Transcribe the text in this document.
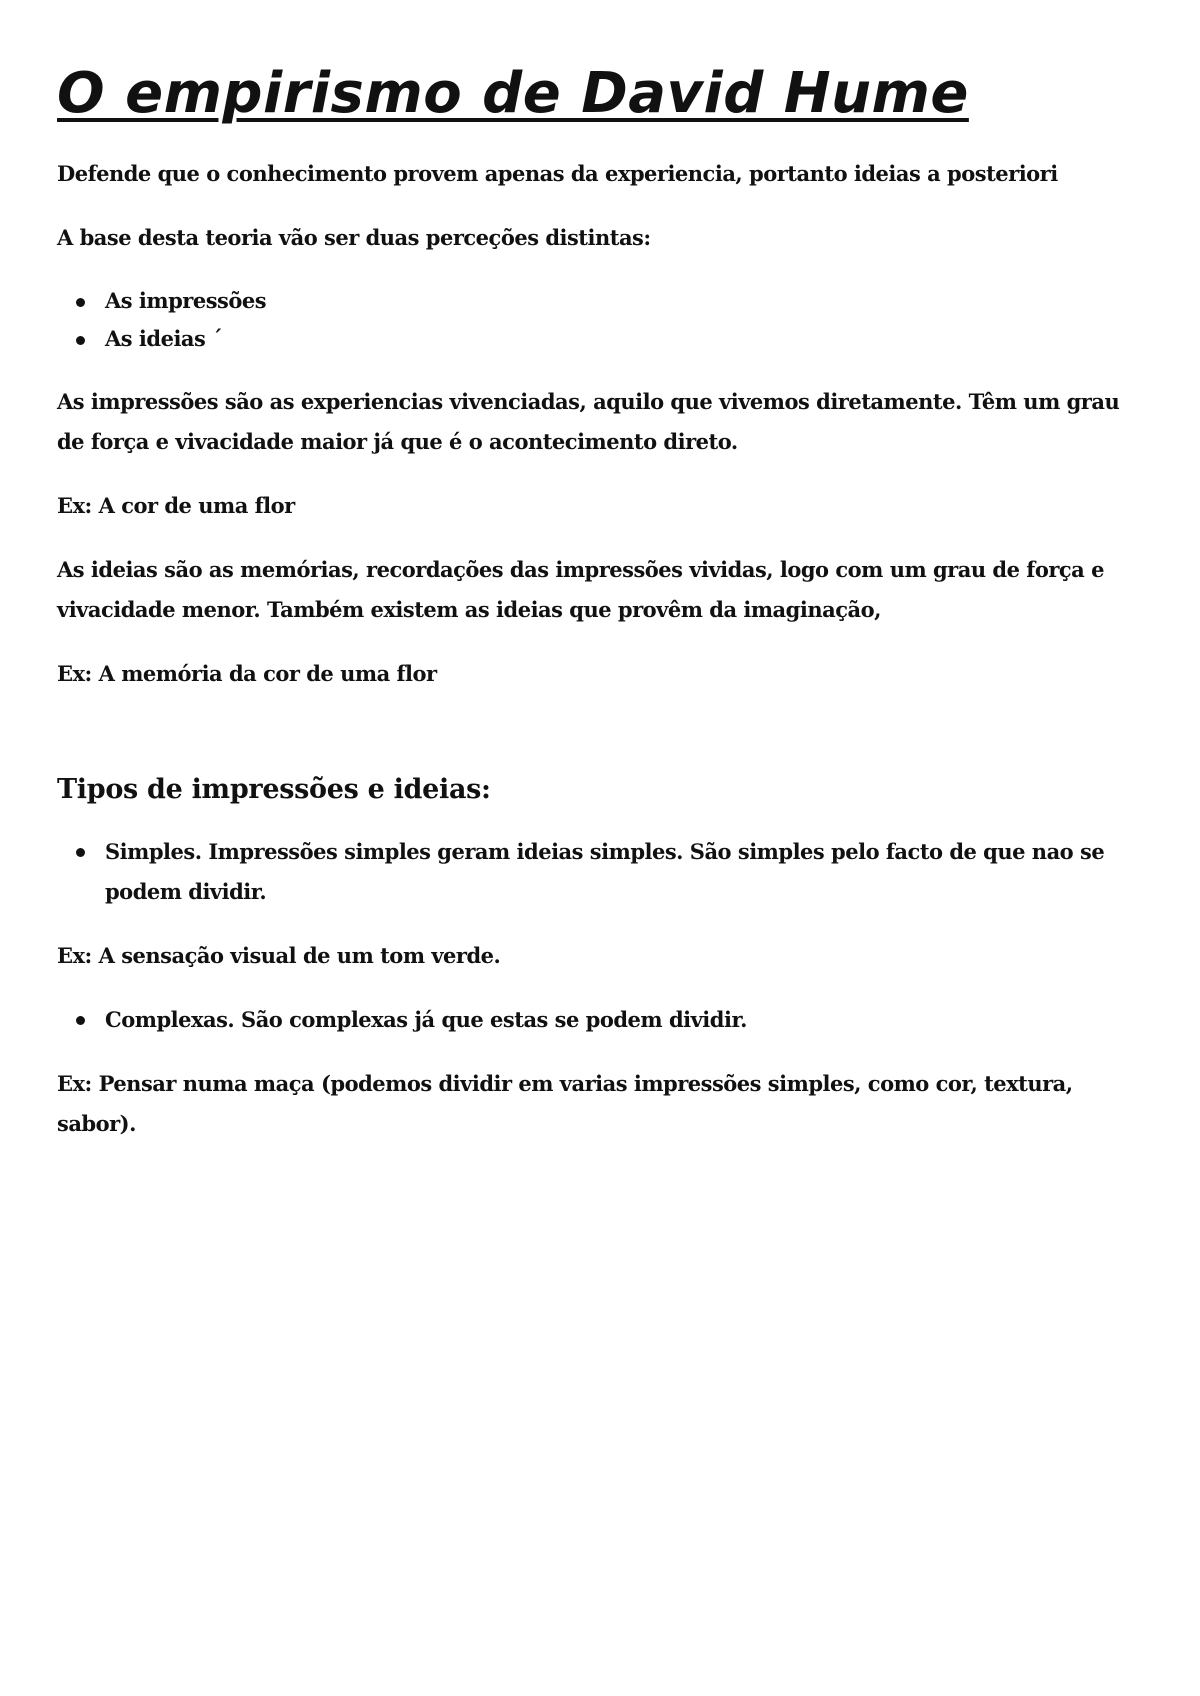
O empirismo de David Hume

Defende que o conhecimento provem apenas da experiencia, portanto ideias a posteriori

A base desta teoria vão ser duas perceções distintas:

As impressões
As ideias ´

As impressões são as experiencias vivenciadas, aquilo que vivemos diretamente. Têm um grau de força e vivacidade maior já que é o acontecimento direto.

Ex: A cor de uma flor

As ideias são as memórias, recordações das impressões vividas, logo com um grau de força e vivacidade menor. Também existem as ideias que provêm da imaginação,

Ex: A memória da cor de uma flor

Tipos de impressões e ideias:
Simples. Impressões simples geram ideias simples. São simples pelo facto de que nao se podem dividir.

Ex: A sensação visual de um tom verde.

Complexas. São complexas já que estas se podem dividir.

Ex: Pensar numa maça (podemos dividir em varias impressões simples, como cor, textura, sabor).
